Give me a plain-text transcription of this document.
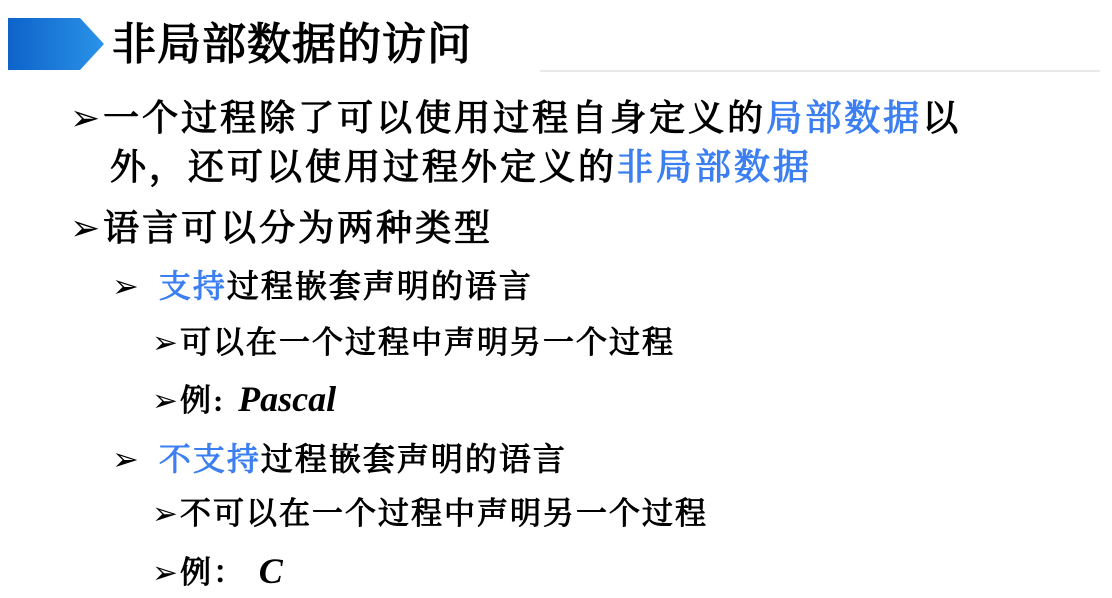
非局部数据的访问
➢一个过程除了可以使用过程自身定义的局部数据以
外，还可以使用过程外定义的非局部数据
➢语言可以分为两种类型
➢ 支持过程嵌套声明的语言
➢可以在一个过程中声明另一个过程
➢例: Pascal
➢ 不支持过程嵌套声明的语言
➢不可以在一个过程中声明另一个过程
➢例： C
